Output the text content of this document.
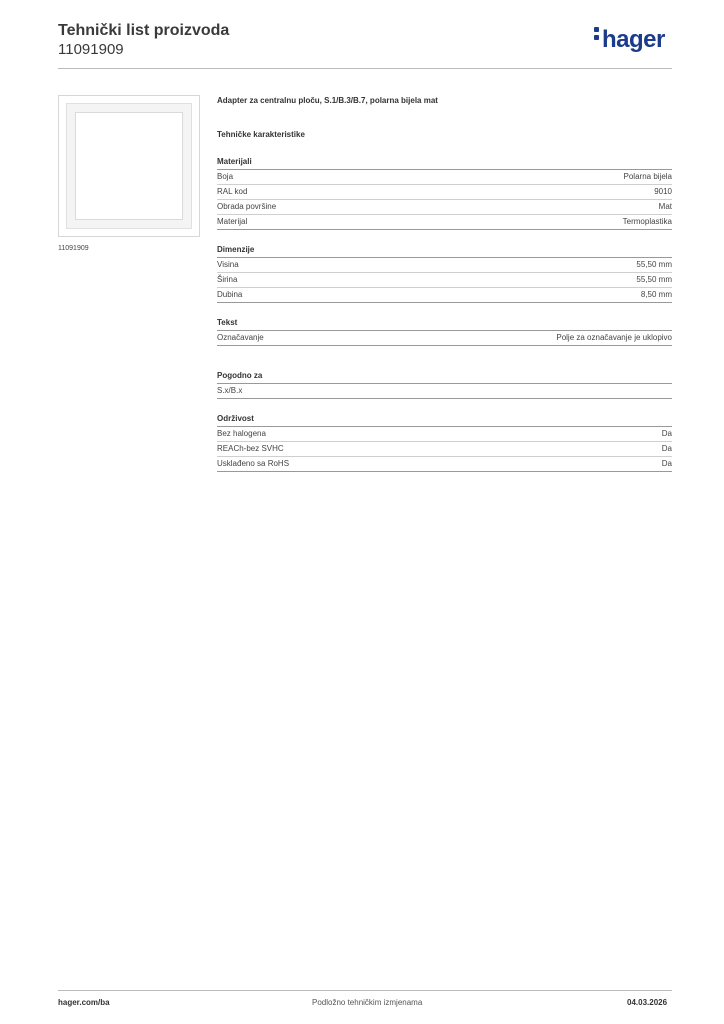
Tehnički list proizvoda
11091909	hager
11091909
Adapter za centralnu ploču, S.1/B.3/B.7, polarna bijela mat
Tehničke karakteristike
Materijali
Boja	Polarna bijela
RAL kod	9010
Obrada površine	Mat
Materijal	Termoplastika
Dimenzije
Visina	55,50 mm
Širina	55,50 mm
Dubina	8,50 mm
Tekst
Označavanje	Polje za označavanje je uklopivo
Pogodno za
S.x/B.x
Održivost
Bez halogena	Da
REACh-bez SVHC	Da
Usklađeno sa RoHS	Da
hager.com/ba	Podložno tehničkim izmjenama	04.03.2026
